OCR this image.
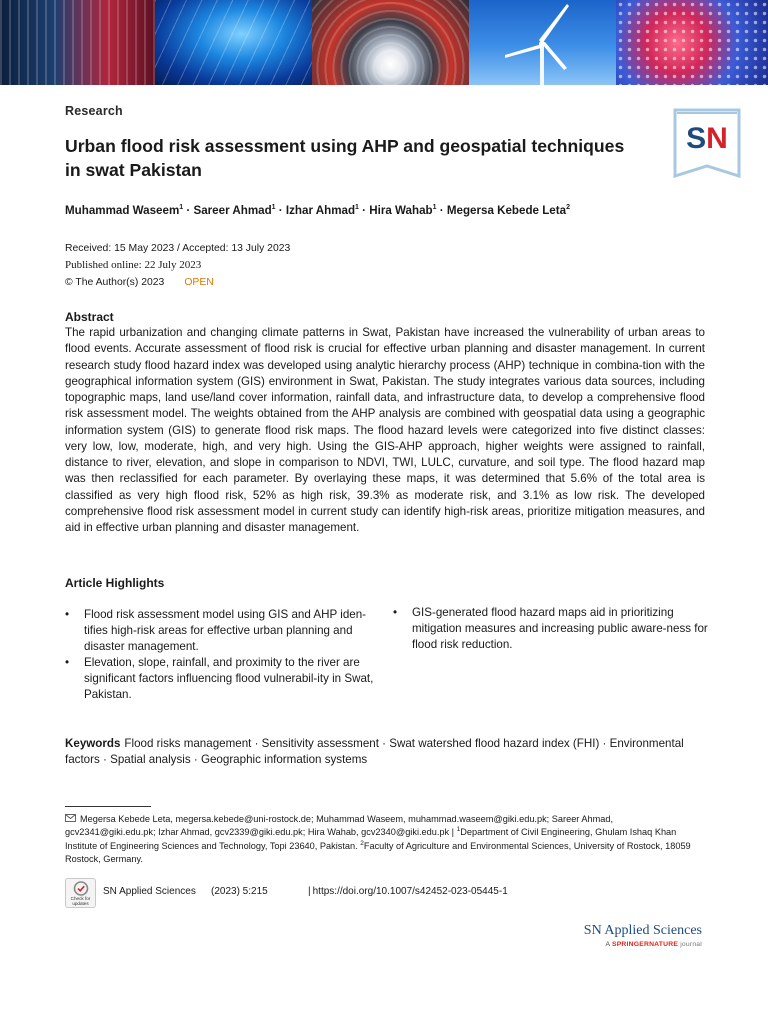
SN
Research
Urban flood risk assessment using AHP and geospatial techniques in swat Pakistan
Muhammad Waseem$^1$ · Sareer Ahmad$^1$ · Izhar Ahmad$^1$ · Hira Wahab$^1$ · Megersa Kebede Leta$^2$
Received: 15 May 2023 / Accepted: 13 July 2023
Published online: 22 July 2023
© The Author(s) 2023 OPEN
Abstract

The rapid urbanization and changing climate patterns in Swat, Pakistan have increased the vulnerability of urban areas to flood events. Accurate assessment of flood risk is crucial for effective urban planning and disaster management. In current research study flood hazard index was developed using analytic hierarchy process (AHP) technique in combina-tion with the geographical information system (GIS) environment in Swat, Pakistan. The study integrates various data sources, including topographic maps, land use/land cover information, rainfall data, and infrastructure data, to develop a comprehensive flood risk assessment model. The weights obtained from the AHP analysis are combined with geospatial data using a geographic information system (GIS) to generate flood risk maps. The flood hazard levels were categorized into five distinct classes: very low, low, moderate, high, and very high. Using the GIS-AHP approach, higher weights were assigned to rainfall, distance to river, elevation, and slope in comparison to NDVI, TWI, LULC, curvature, and soil type. The flood hazard map was then reclassified for each parameter. By overlaying these maps, it was determined that 5.6% of the total area is classified as very high flood risk, 52% as high risk, 39.3% as moderate risk, and 3.1% as low risk. The developed comprehensive flood risk assessment model in current study can identify high-risk areas, prioritize mitigation measures, and aid in effective urban planning and disaster management.

Article Highlights
•	Flood risk assessment model using GIS and AHP iden-tifies high-risk areas for effective urban planning and disaster management.
•	Elevation, slope, rainfall, and proximity to the river are significant factors influencing flood vulnerabil-ity in Swat, Pakistan.
•	GIS-generated flood hazard maps aid in prioritizing mitigation measures and increasing public aware-ness for flood risk reduction.
Keywords Flood risks management · Sensitivity assessment · Swat watershed flood hazard index (FHI) · Environmental factors · Spatial analysis · Geographic information systems
Megersa Kebede Leta, megersa.kebede@uni-rostock.de; Muhammad Waseem, muhammad.waseem@giki.edu.pk; Sareer Ahmad, gcv2341@giki.edu.pk; Izhar Ahmad, gcv2339@giki.edu.pk; Hira Wahab, gcv2340@giki.edu.pk | $^1$Department of Civil Engineering, Ghulam Ishaq Khan Institute of Engineering Sciences and Technology, Topi 23640, Pakistan. $^2$Faculty of Agriculture and Environmental Sciences, University of Rostock, 18059 Rostock, Germany.
Check for updates
SN Applied Sciences (2023) 5:215	| https://doi.org/10.1007/s42452-023-05445-1
SN Applied Sciences
A SPRINGERNATURE journal
